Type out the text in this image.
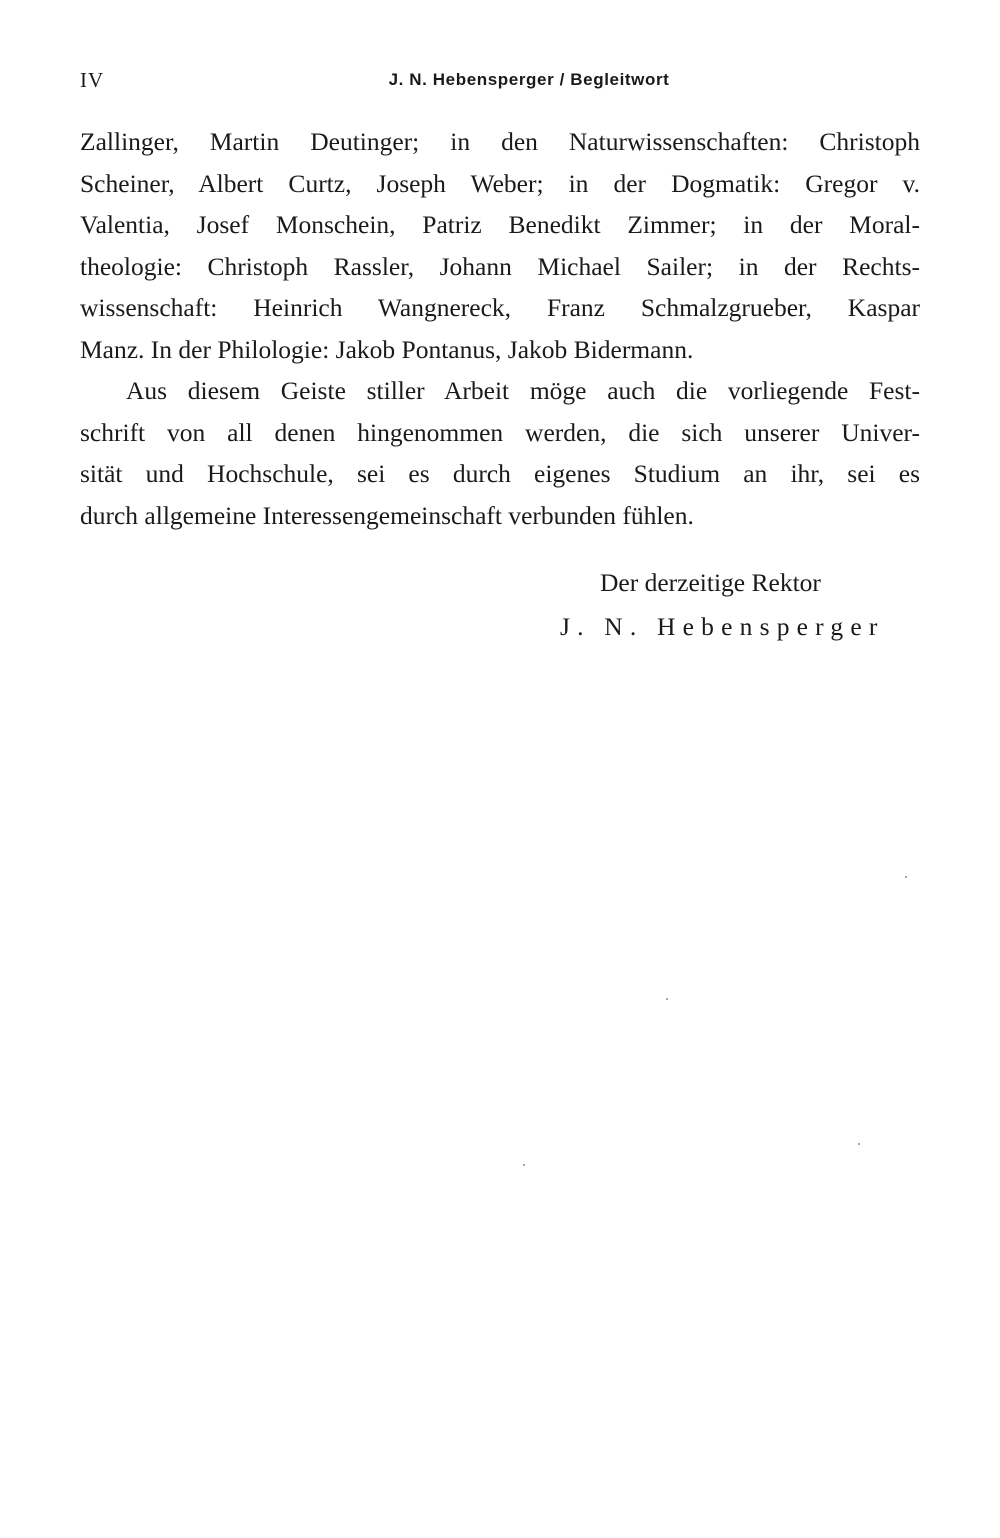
IV	J. N. Hebensperger / Begleitwort
Zallinger, Martin Deutinger; in den Naturwissenschaften: Christoph
Scheiner, Albert Curtz, Joseph Weber; in der Dogmatik: Gregor v.
Valentia, Josef Monschein, Patriz Benedikt Zimmer; in der Moral-
theologie: Christoph Rassler, Johann Michael Sailer; in der Rechts-
wissenschaft: Heinrich Wangnereck, Franz Schmalzgrueber, Kaspar
Manz. In der Philologie: Jakob Pontanus, Jakob Bidermann.
Aus diesem Geiste stiller Arbeit möge auch die vorliegende Fest-
schrift von all denen hingenommen werden, die sich unserer Univer-
sität und Hochschule, sei es durch eigenes Studium an ihr, sei es
durch allgemeine Interessengemeinschaft verbunden fühlen.
Der derzeitige Rektor
J. N. Hebensperger
